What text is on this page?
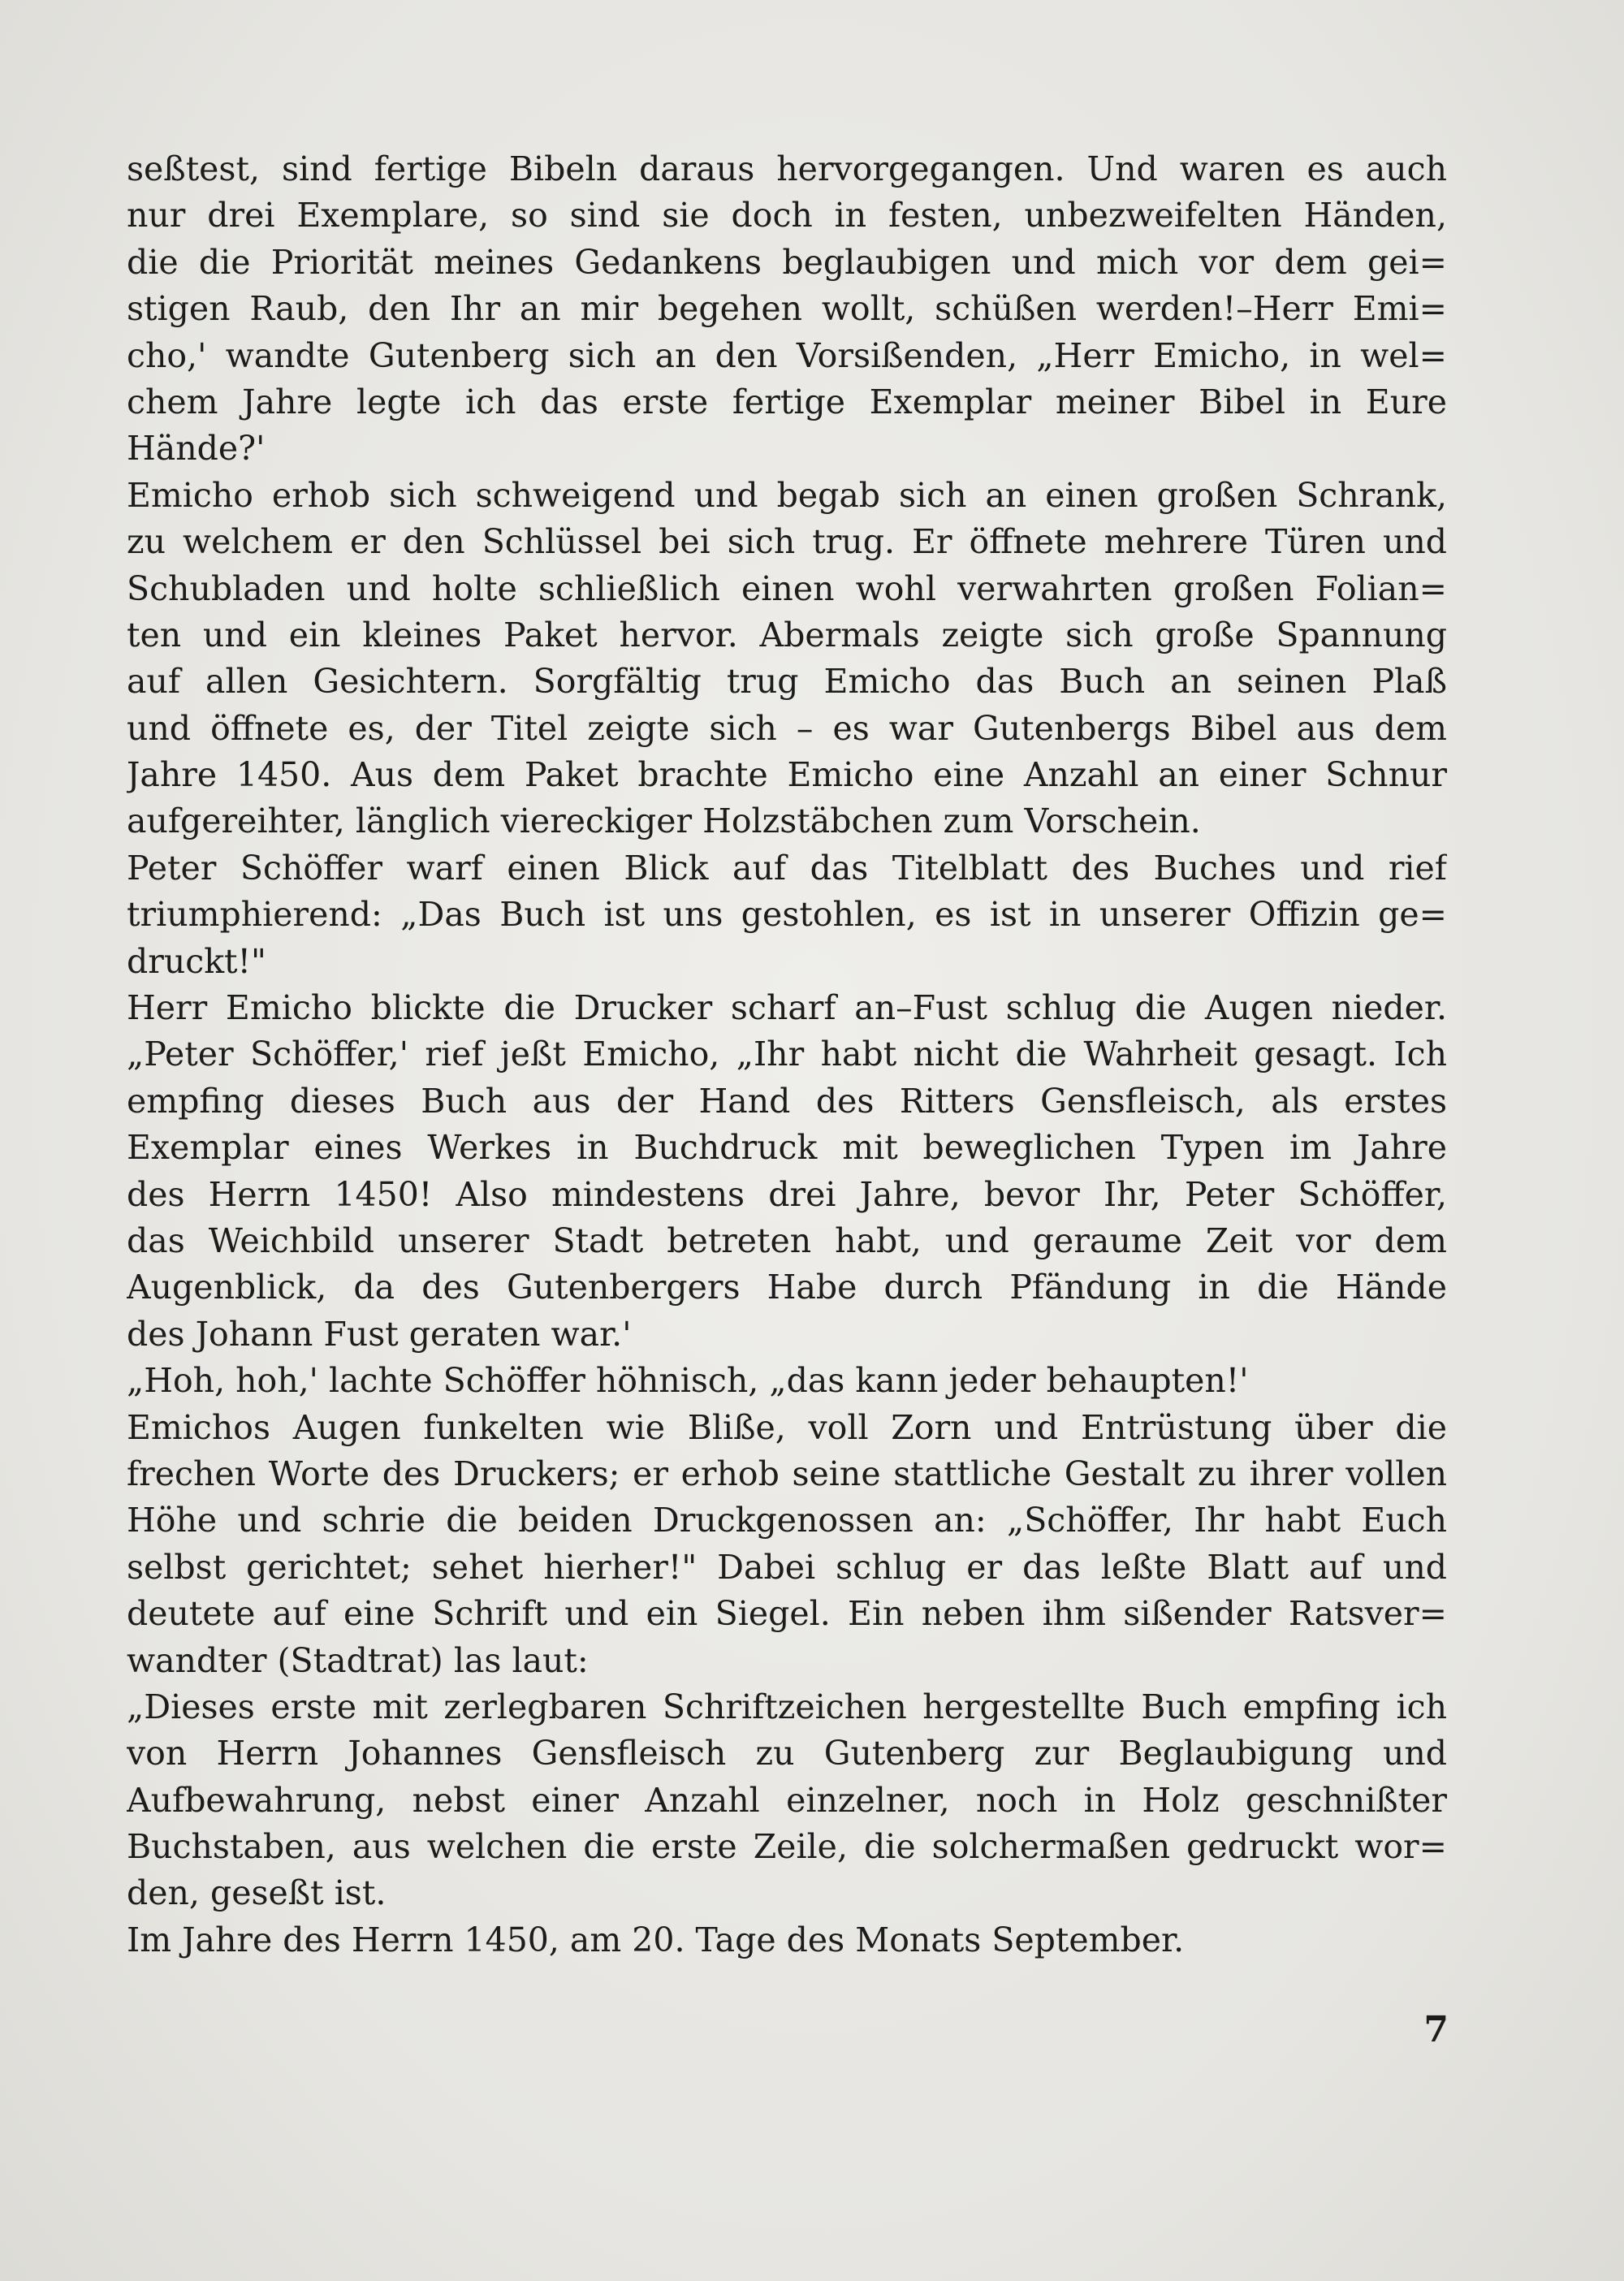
seßtest, sind fertige Bibeln daraus hervorgegangen. Und waren es auch
nur drei Exemplare, so sind sie doch in festen, unbezweifelten Händen,
die die Priorität meines Gedankens beglaubigen und mich vor dem gei=
stigen Raub, den Ihr an mir begehen wollt, schüßen werden!–Herr Emi=
cho,' wandte Gutenberg sich an den Vorsißenden, „Herr Emicho, in wel=
chem Jahre legte ich das erste fertige Exemplar meiner Bibel in Eure
Hände?'
Emicho erhob sich schweigend und begab sich an einen großen Schrank,
zu welchem er den Schlüssel bei sich trug. Er öffnete mehrere Türen und
Schubladen und holte schließlich einen wohl verwahrten großen Folian=
ten und ein kleines Paket hervor. Abermals zeigte sich große Spannung
auf allen Gesichtern. Sorgfältig trug Emicho das Buch an seinen Plaß
und öffnete es, der Titel zeigte sich – es war Gutenbergs Bibel aus dem
Jahre 1450. Aus dem Paket brachte Emicho eine Anzahl an einer Schnur
aufgereihter, länglich viereckiger Holzstäbchen zum Vorschein.
Peter Schöffer warf einen Blick auf das Titelblatt des Buches und rief
triumphierend: „Das Buch ist uns gestohlen, es ist in unserer Offizin ge=
druckt!"
Herr Emicho blickte die Drucker scharf an–Fust schlug die Augen nieder.
„Peter Schöffer,' rief jeßt Emicho, „Ihr habt nicht die Wahrheit gesagt. Ich
empfing dieses Buch aus der Hand des Ritters Gensfleisch, als erstes
Exemplar eines Werkes in Buchdruck mit beweglichen Typen im Jahre
des Herrn 1450! Also mindestens drei Jahre, bevor Ihr, Peter Schöffer,
das Weichbild unserer Stadt betreten habt, und geraume Zeit vor dem
Augenblick, da des Gutenbergers Habe durch Pfändung in die Hände
des Johann Fust geraten war.'
„Hoh, hoh,' lachte Schöffer höhnisch, „das kann jeder behaupten!'
Emichos Augen funkelten wie Bliße, voll Zorn und Entrüstung über die
frechen Worte des Druckers; er erhob seine stattliche Gestalt zu ihrer vollen
Höhe und schrie die beiden Druckgenossen an: „Schöffer, Ihr habt Euch
selbst gerichtet; sehet hierher!" Dabei schlug er das leßte Blatt auf und
deutete auf eine Schrift und ein Siegel. Ein neben ihm sißender Ratsver=
wandter (Stadtrat) las laut:
„Dieses erste mit zerlegbaren Schriftzeichen hergestellte Buch empfing ich
von Herrn Johannes Gensfleisch zu Gutenberg zur Beglaubigung und
Aufbewahrung, nebst einer Anzahl einzelner, noch in Holz geschnißter
Buchstaben, aus welchen die erste Zeile, die solchermaßen gedruckt wor=
den, geseßt ist.
Im Jahre des Herrn 1450, am 20. Tage des Monats September.
7
